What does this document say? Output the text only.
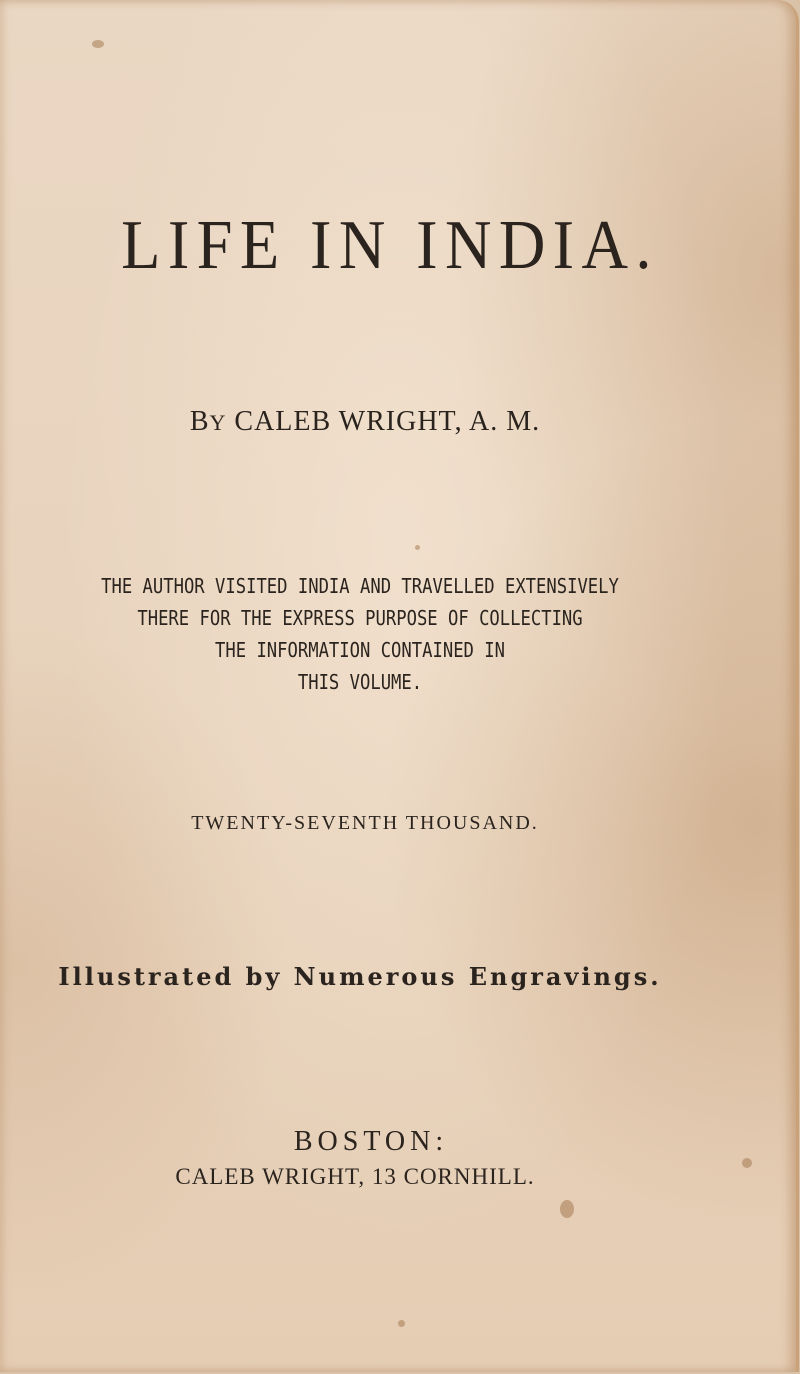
LIFE IN INDIA.
BY CALEB WRIGHT, A. M.
THE AUTHOR VISITED INDIA AND TRAVELLED EXTENSIVELY
THERE FOR THE EXPRESS PURPOSE OF COLLECTING
THE INFORMATION CONTAINED IN
THIS VOLUME.
TWENTY-SEVENTH THOUSAND.
Illustrated by Numerous Engravings.
BOSTON:
CALEB WRIGHT, 13 CORNHILL.
